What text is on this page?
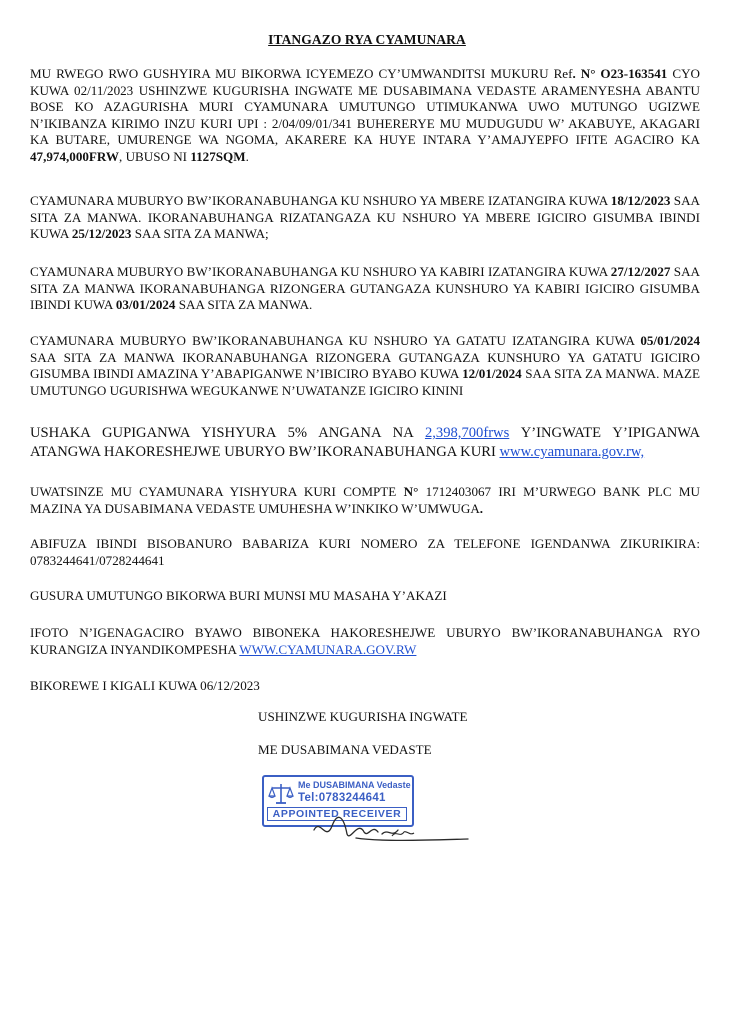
ITANGAZO RYA CYAMUNARA
MU RWEGO RWO GUSHYIRA MU BIKORWA ICYEMEZO CY’UMWANDITSI MUKURU Ref. N° O23-163541 CYO KUWA 02/11/2023 USHINZWE KUGURISHA INGWATE ME DUSABIMANA VEDASTE ARAMENYESHA ABANTU BOSE KO AZAGURISHA MURI CYAMUNARA UMUTUNGO UTIMUKANWA UWO MUTUNGO UGIZWE N’IKIBANZA KIRIMO INZU KURI UPI : 2/04/09/01/341 BUHERERYE MU MUDUGUDU W’ AKABUYE, AKAGARI KA BUTARE, UMURENGE WA NGOMA, AKARERE KA HUYE INTARA Y’AMAJYEPFO IFITE AGACIRO KA 47,974,000FRW, UBUSO NI 1127SQM.
CYAMUNARA MUBURYO BW’IKORANABUHANGA KU NSHURO YA MBERE IZATANGIRA KUWA 18/12/2023 SAA SITA ZA MANWA. IKORANABUHANGA RIZATANGAZA KU NSHURO YA MBERE IGICIRO GISUMBA IBINDI KUWA 25/12/2023 SAA SITA ZA MANWA;
CYAMUNARA MUBURYO BW’IKORANABUHANGA KU NSHURO YA KABIRI IZATANGIRA KUWA 27/12/2027 SAA SITA ZA MANWA IKORANABUHANGA RIZONGERA GUTANGAZA KUNSHURO YA KABIRI IGICIRO GISUMBA IBINDI KUWA 03/01/2024 SAA SITA ZA MANWA.
CYAMUNARA MUBURYO BW’IKORANABUHANGA KU NSHURO YA GATATU IZATANGIRA KUWA 05/01/2024 SAA SITA ZA MANWA IKORANABUHANGA RIZONGERA GUTANGAZA KUNSHURO YA GATATU IGICIRO GISUMBA IBINDI AMAZINA Y’ABAPIGANWE N’IBICIRO BYABO KUWA 12/01/2024 SAA SITA ZA MANWA. MAZE UMUTUNGO UGURISHWA WEGUKANWE N’UWATANZE IGICIRO KININI
USHAKA GUPIGANWA YISHYURA 5% ANGANA NA 2,398,700frws Y’INGWATE Y’IPIGANWA ATANGWA HAKORESHEJWE UBURYO BW’IKORANABUHANGA KURI www.cyamunara.gov.rw,
UWATSINZE MU CYAMUNARA YISHYURA KURI COMPTE N° 1712403067 IRI M’URWEGO BANK PLC MU MAZINA YA DUSABIMANA VEDASTE UMUHESHA W’INKIKO W’UMWUGA.
ABIFUZA IBINDI BISOBANURO BABARIZA KURI NOMERO ZA TELEFONE IGENDANWA ZIKURIKIRA: 0783244641/0728244641
GUSURA UMUTUNGO BIKORWA BURI MUNSI MU MASAHA Y’AKAZI
IFOTO N’IGENAGACIRO BYAWO BIBONEKA HAKORESHEJWE UBURYO BW’IKORANABUHANGA RYO KURANGIZA INYANDIKOMPESHA WWW.CYAMUNARA.GOV.RW
BIKOREWE I KIGALI KUWA 06/12/2023
USHINZWE KUGURISHA INGWATE
ME DUSABIMANA VEDASTE
Me DUSABIMANA Vedaste
Tel:0783244641
APPOINTED RECEIVER
